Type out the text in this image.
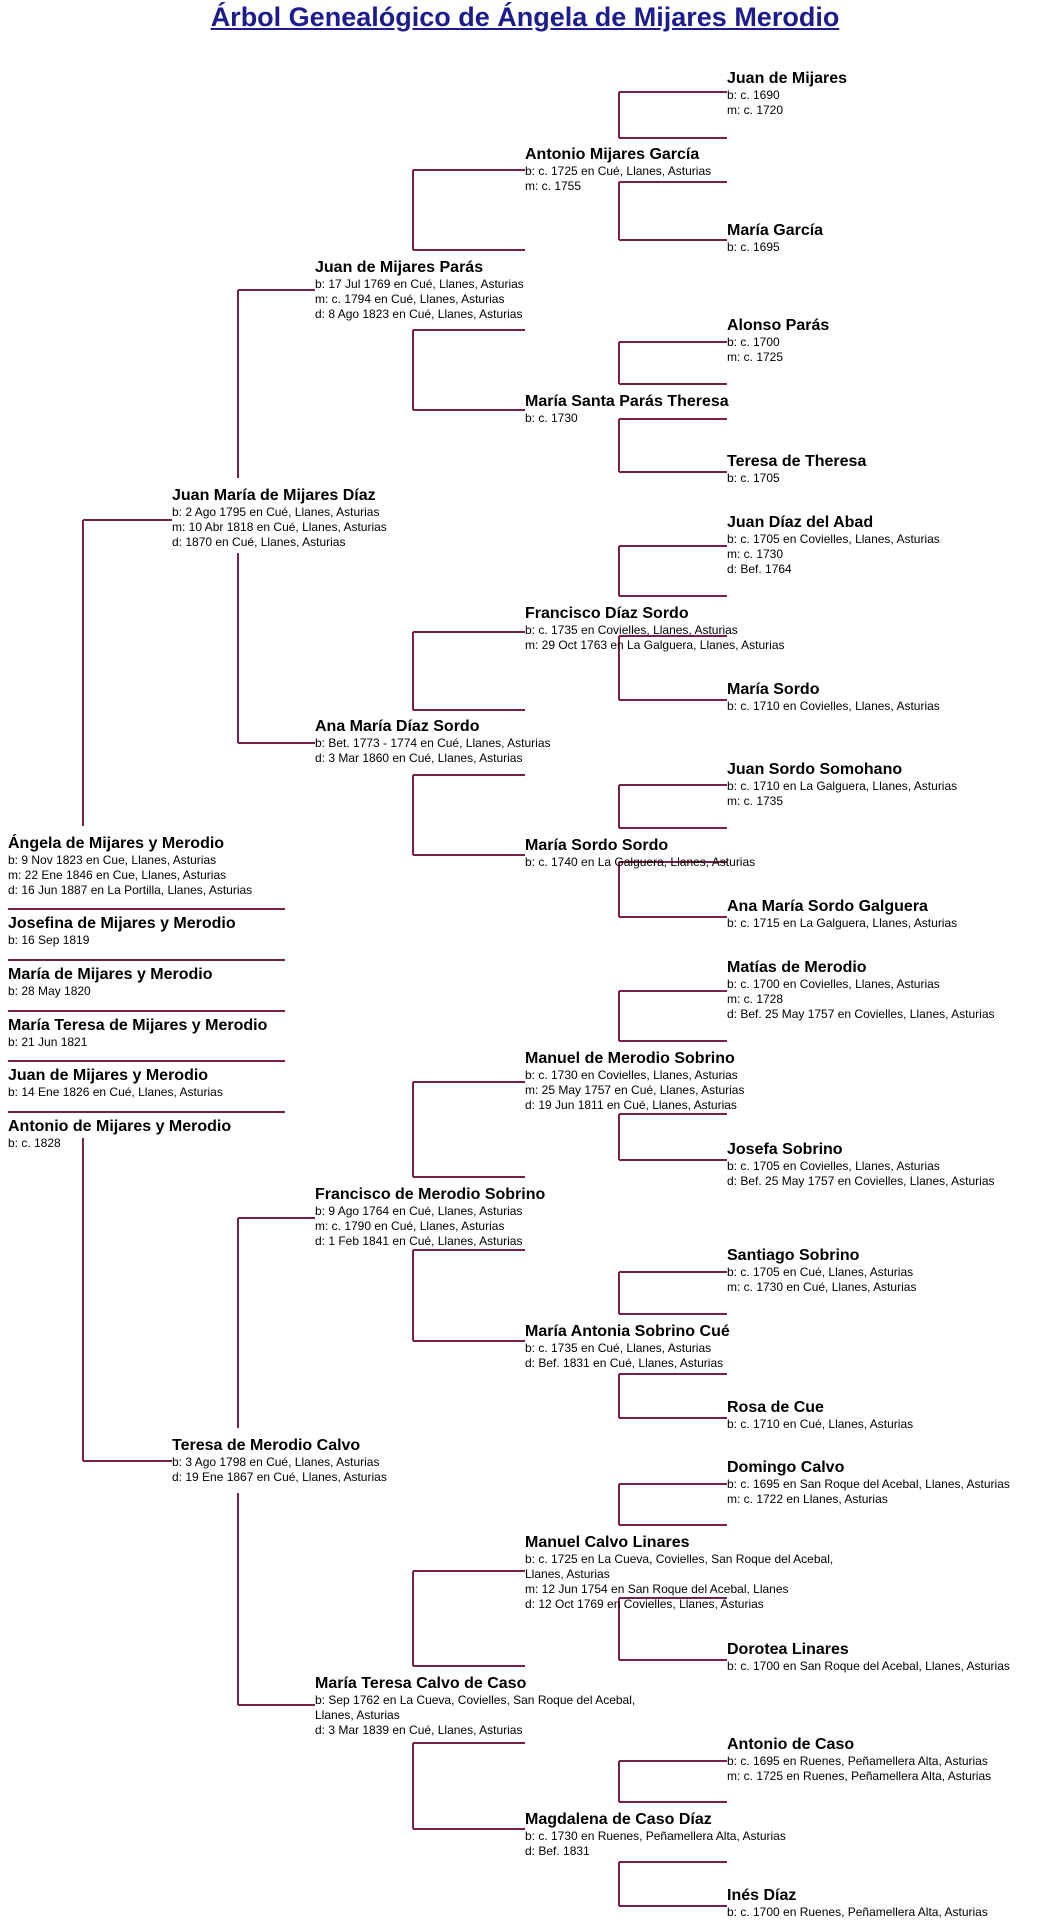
Árbol Genealógico de Ángela de Mijares Merodio
Juan de Mijares
b: c. 1690
m: c. 1720
Antonio Mijares García
b: c. 1725 en Cué, Llanes, Asturias
m: c. 1755
María García
b: c. 1695
Juan de Mijares Parás
b: 17 Jul 1769 en Cué, Llanes, Asturias
m: c. 1794 en Cué, Llanes, Asturias
d: 8 Ago 1823 en Cué, Llanes, Asturias
Alonso Parás
b: c. 1700
m: c. 1725
María Santa Parás Theresa
b: c. 1730
Teresa de Theresa
b: c. 1705
Juan María de Mijares Díaz
b: 2 Ago 1795 en Cué, Llanes, Asturias
m: 10 Abr 1818 en Cué, Llanes, Asturias
d: 1870 en Cué, Llanes, Asturias
Juan Díaz del Abad
b: c. 1705 en Covielles, Llanes, Asturias
m: c. 1730
d: Bef. 1764
Francisco Díaz Sordo
b: c. 1735 en Covielles, Llanes, Asturias
m: 29 Oct 1763 en La Galguera, Llanes, Asturias
María Sordo
b: c. 1710 en Covielles, Llanes, Asturias
Ana María Díaz Sordo
b: Bet. 1773 - 1774 en Cué, Llanes, Asturias
d: 3 Mar 1860 en Cué, Llanes, Asturias
Juan Sordo Somohano
b: c. 1710 en La Galguera, Llanes, Asturias
m: c. 1735
María Sordo Sordo
b: c. 1740 en La Galguera, Llanes, Asturias
Ana María Sordo Galguera
b: c. 1715 en La Galguera, Llanes, Asturias
Ángela de Mijares y Merodio
b: 9 Nov 1823 en Cue, Llanes, Asturias
m: 22 Ene 1846 en Cue, Llanes, Asturias
d: 16 Jun 1887 en La Portilla, Llanes, Asturias
Josefina de Mijares y Merodio
b: 16 Sep 1819
María de Mijares y Merodio
b: 28 May 1820
María Teresa de Mijares y Merodio
b: 21 Jun 1821
Juan de Mijares y Merodio
b: 14 Ene 1826 en Cué, Llanes, Asturias
Antonio de Mijares y Merodio
b: c. 1828
Matías de Merodio
b: c. 1700 en Covielles, Llanes, Asturias
m: c. 1728
d: Bef. 25 May 1757 en Covielles, Llanes, Asturias
Manuel de Merodio Sobrino
b: c. 1730 en Covielles, Llanes, Asturias
m: 25 May 1757 en Cué, Llanes, Asturias
d: 19 Jun 1811 en Cué, Llanes, Asturias
Josefa Sobrino
b: c. 1705 en Covielles, Llanes, Asturias
d: Bef. 25 May 1757 en Covielles, Llanes, Asturias
Francisco de Merodio Sobrino
b: 9 Ago 1764 en Cué, Llanes, Asturias
m: c. 1790 en Cué, Llanes, Asturias
d: 1 Feb 1841 en Cué, Llanes, Asturias
Santiago Sobrino
b: c. 1705 en Cué, Llanes, Asturias
m: c. 1730 en Cué, Llanes, Asturias
María Antonia Sobrino Cué
b: c. 1735 en Cué, Llanes, Asturias
d: Bef. 1831 en Cué, Llanes, Asturias
Rosa de Cue
b: c. 1710 en Cué, Llanes, Asturias
Teresa de Merodio Calvo
b: 3 Ago 1798 en Cué, Llanes, Asturias
d: 19 Ene 1867 en Cué, Llanes, Asturias
Domingo Calvo
b: c. 1695 en San Roque del Acebal, Llanes, Asturias
m: c. 1722 en Llanes, Asturias
Manuel Calvo Linares
b: c. 1725 en La Cueva, Covielles, San Roque del Acebal,
Llanes, Asturias
m: 12 Jun 1754 en San Roque del Acebal, Llanes
d: 12 Oct 1769 en Covielles, Llanes, Asturias
Dorotea Linares
b: c. 1700 en San Roque del Acebal, Llanes, Asturias
María Teresa Calvo de Caso
b: Sep 1762 en La Cueva, Covielles, San Roque del Acebal,
Llanes, Asturias
d: 3 Mar 1839 en Cué, Llanes, Asturias
Antonio de Caso
b: c. 1695 en Ruenes, Peñamellera Alta, Asturias
m: c. 1725 en Ruenes, Peñamellera Alta, Asturias
Magdalena de Caso Díaz
b: c. 1730 en Ruenes, Peñamellera Alta, Asturias
d: Bef. 1831
Inés Díaz
b: c. 1700 en Ruenes, Peñamellera Alta, Asturias
